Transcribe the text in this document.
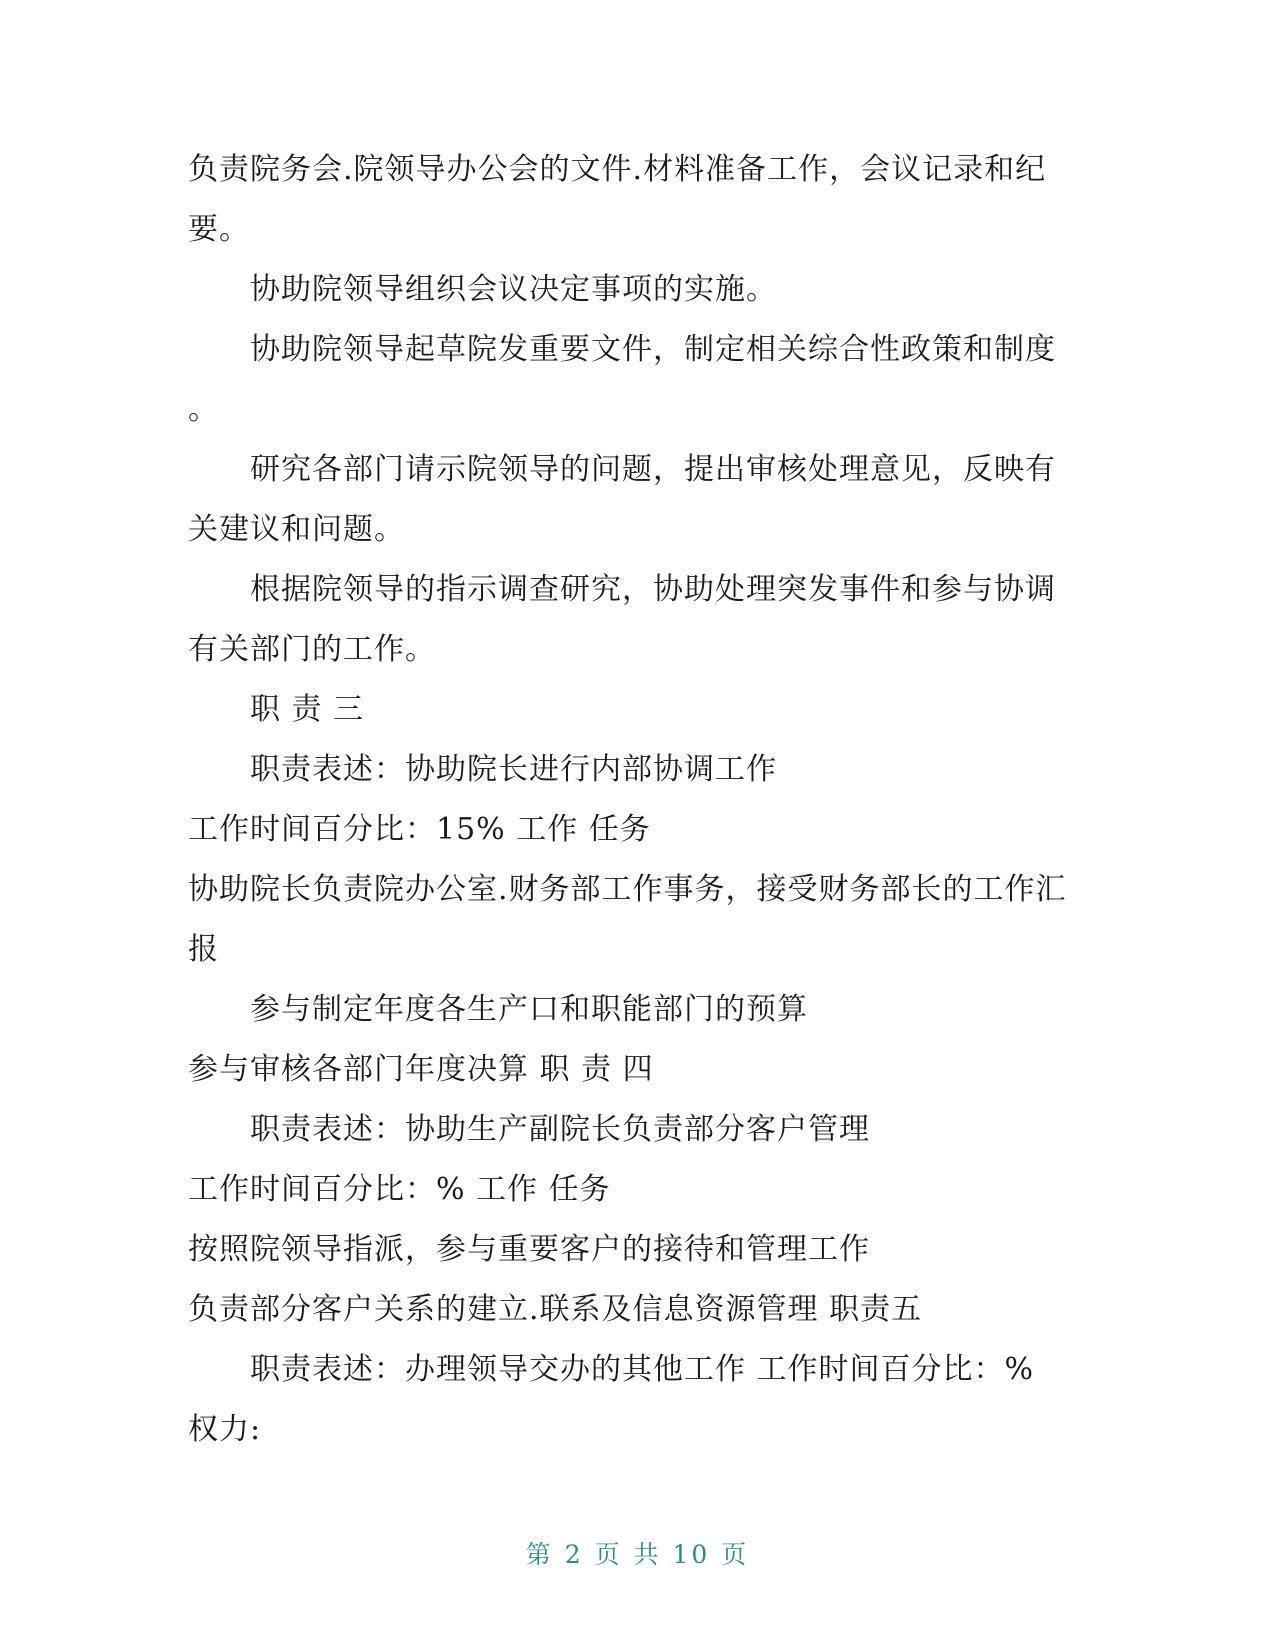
负责院务会.院领导办公会的文件.材料准备工作，会议记录和纪
要。
协助院领导组织会议决定事项的实施。
协助院领导起草院发重要文件，制定相关综合性政策和制度
。
研究各部门请示院领导的问题，提出审核处理意见，反映有
关建议和问题。
根据院领导的指示调查研究，协助处理突发事件和参与协调
有关部门的工作。
职 责 三
职责表述：协助院长进行内部协调工作
工作时间百分比：15% 工作 任务
协助院长负责院办公室.财务部工作事务，接受财务部长的工作汇
报
参与制定年度各生产口和职能部门的预算
参与审核各部门年度决算 职 责 四
职责表述：协助生产副院长负责部分客户管理
工作时间百分比：% 工作 任务
按照院领导指派，参与重要客户的接待和管理工作
负责部分客户关系的建立.联系及信息资源管理 职责五
职责表述：办理领导交办的其他工作 工作时间百分比：%
权力:
第 2 页 共 10 页
